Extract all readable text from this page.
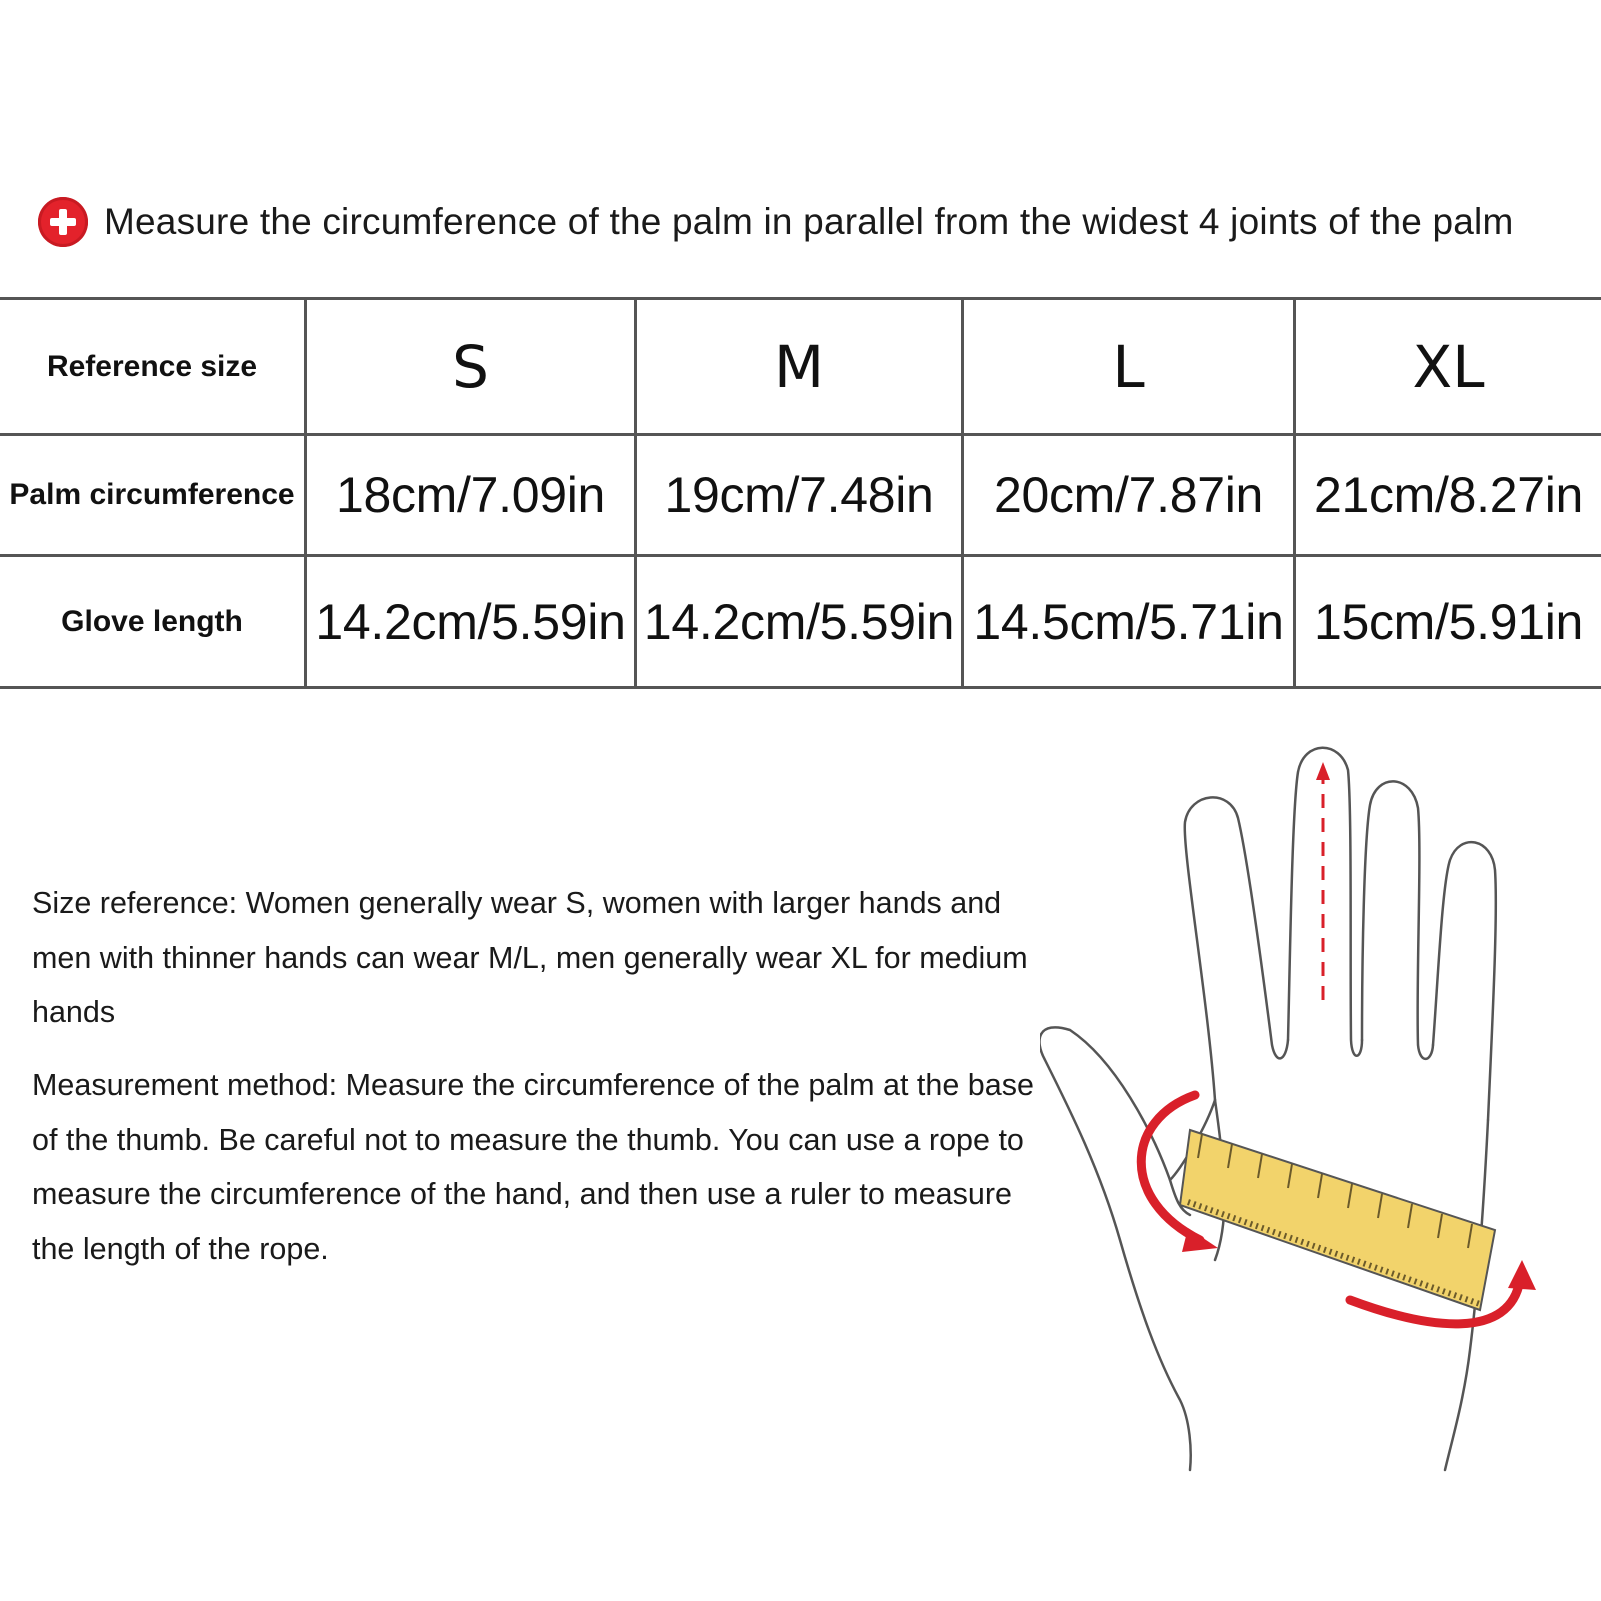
Measure the circumference of the palm in parallel from the widest 4 joints of the palm
Reference size	S	M	L	XL
Palm circumference 18cm/7.09in 19cm/7.48in 20cm/7.87in 21cm/8.27in
Glove length 14.2cm/5.59in 14.2cm/5.59in 14.5cm/5.71in 15cm/5.91in
Size reference: Women generally wear S, women with larger hands and men with thinner hands can wear M/L, men generally wear XL for medium hands
Measurement method: Measure the circumference of the palm at the base of the thumb. Be careful not to measure the thumb. You can use a rope to measure the circumference of the hand, and then use a ruler to measure the length of the rope.
